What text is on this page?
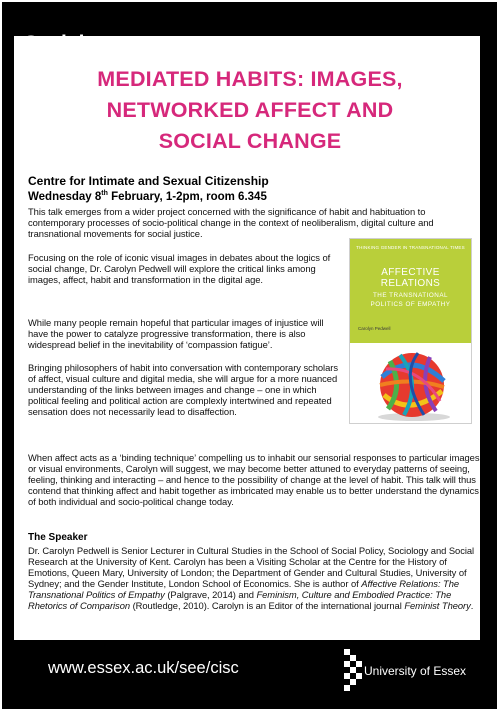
Sociology
MEDIATED HABITS: IMAGES,
NETWORKED AFFECT AND
SOCIAL CHANGE
Centre for Intimate and Sexual Citizenship
Wednesday 8th February, 1-2pm, room 6.345
This talk emerges from a wider project concerned with the significance of habit and habituation to contemporary processes of socio-political change in the context of neoliberalism, digital culture and transnational movements for social justice.
Focusing on the role of iconic visual images in debates about the logics of social change, Dr. Carolyn Pedwell will explore the critical links among images, affect, habit and transformation in the digital age.
While many people remain hopeful that particular images of injustice will have the power to catalyze progressive transformation, there is also widespread belief in the inevitability of ‘compassion fatigue’.
Bringing philosophers of habit into conversation with contemporary scholars of affect, visual culture and digital media, she will argue for a more nuanced understanding of the links between images and change – one in which political feeling and political action are complexly intertwined and repeated sensation does not necessarily lead to disaffection.
When affect acts as a ‘binding technique’ compelling us to inhabit our sensorial responses to particular images or visual environments, Carolyn will suggest, we may become better attuned to everyday patterns of seeing, feeling, thinking and interacting – and hence to the possibility of change at the level of habit. This talk will thus contend that thinking affect and habit together as imbricated may enable us to better understand the dynamics of both individual and socio-political change today.
The Speaker
Dr. Carolyn Pedwell is Senior Lecturer in Cultural Studies in the School of Social Policy, Sociology and Social Research at the University of Kent. Carolyn has been a Visiting Scholar at the Centre for the History of Emotions, Queen Mary, University of London; the Department of Gender and Cultural Studies, University of Sydney; and the Gender Institute, London School of Economics. She is author of Affective Relations: The Transnational Politics of Empathy (Palgrave, 2014) and Feminism, Culture and Embodied Practice: The Rhetorics of Comparison (Routledge, 2010). Carolyn is an Editor of the international journal Feminist Theory.
THINKING GENDER IN TRANSNATIONAL TIMES
AFFECTIVE RELATIONS
THE TRANSNATIONAL
POLITICS OF EMPATHY
Carolyn Pedwell
www.essex.ac.uk/see/cisc	University of Essex
